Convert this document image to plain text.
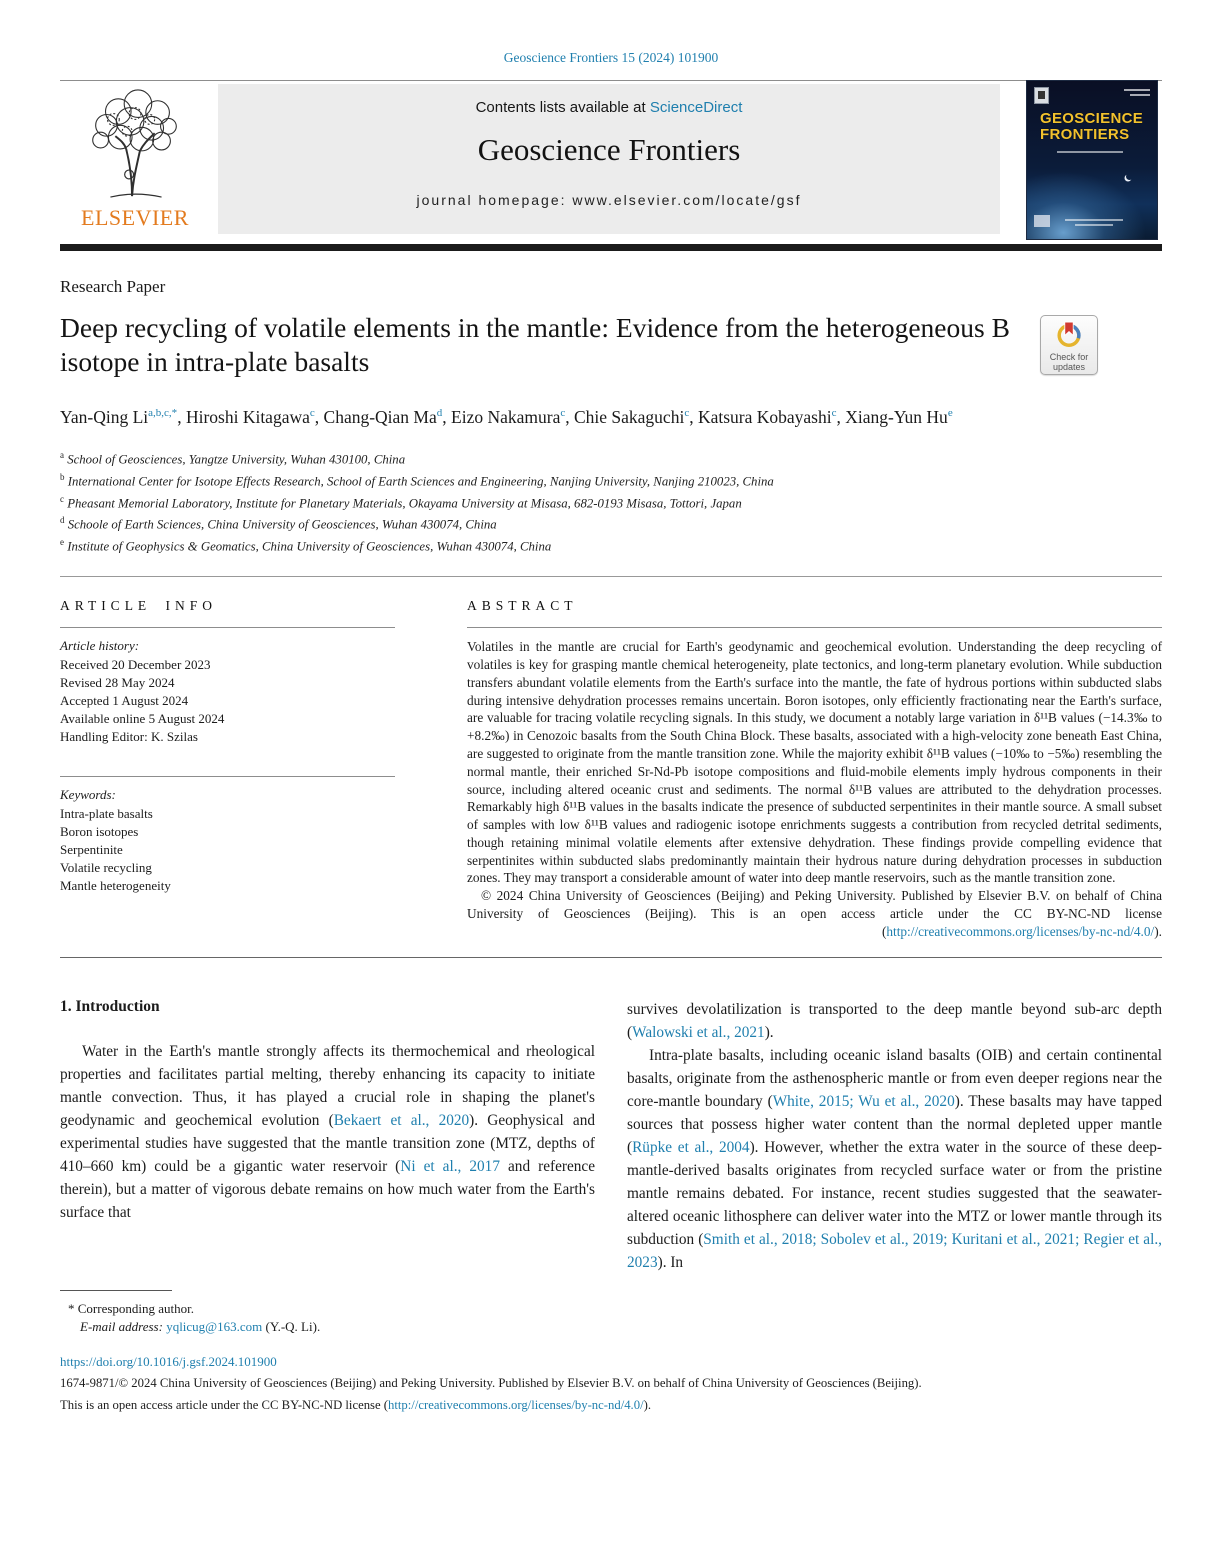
Geoscience Frontiers 15 (2024) 101900
ELSEVIER
Contents lists available at ScienceDirect
Geoscience Frontiers
journal homepage: www.elsevier.com/locate/gsf
GEOSCIENCE
FRONTIERS
Research Paper
Deep recycling of volatile elements in the mantle: Evidence from the heterogeneous B isotope in intra-plate basalts	Check for
updates
Yan-Qing $Li^{a,b,c,*}$, Hiroshi Kitagawa$^c$, Chang-Qian Ma$^d$, Eizo Nakamura$^c$, Chie Sakaguchi$^c$, Katsura Kobayashi$^c$, Xiang-Yun Hu$^e$
$^a$ School of Geosciences, Yangtze University, Wuhan 430100, China
$^b$ International Center for Isotope Effects Research, School of Earth Sciences and Engineering, Nanjing University, Nanjing 210023, China
$^c$ Pheasant Memorial Laboratory, Institute for Planetary Materials, Okayama University at Misasa, 682-0193 Misasa, Tottori, Japan
$^d$ Schoole of Earth Sciences, China University of Geosciences, Wuhan 430074, China
$^e$ Institute of Geophysics & Geomatics, China University of Geosciences, Wuhan 430074, China
ARTICLE INFO
Article history:
Received 20 December 2023
Revised 28 May 2024
Accepted 1 August 2024
Available online 5 August 2024
Handling Editor: K. Szilas
Keywords:
Intra-plate basalts
Boron isotopes
Serpentinite
Volatile recycling
Mantle heterogeneity
ABSTRACT
Volatiles in the mantle are crucial for Earth's geodynamic and geochemical evolution. Understanding the deep recycling of volatiles is key for grasping mantle chemical heterogeneity, plate tectonics, and long-term planetary evolution. While subduction transfers abundant volatile elements from the Earth's surface into the mantle, the fate of hydrous portions within subducted slabs during intensive dehydration processes remains uncertain. Boron isotopes, only efficiently fractionating near the Earth's surface, are valuable for tracing volatile recycling signals. In this study, we document a notably large variation in δ¹¹B values (−14.3‰ to +8.2‰) in Cenozoic basalts from the South China Block. These basalts, associated with a high-velocity zone beneath East China, are suggested to originate from the mantle transition zone. While the majority exhibit δ¹¹B values (−10‰ to −5‰) resembling the normal mantle, their enriched Sr-Nd-Pb isotope compositions and fluid-mobile elements imply hydrous components in their source, including altered oceanic crust and sediments. The normal δ¹¹B values are attributed to the dehydration processes. Remarkably high δ¹¹B values in the basalts indicate the presence of subducted serpentinites in their mantle source. A small subset of samples with low δ¹¹B values and radiogenic isotope enrichments suggests a contribution from recycled detrital sediments, though retaining minimal volatile elements after extensive dehydration. These findings provide compelling evidence that serpentinites within subducted slabs predominantly maintain their hydrous nature during dehydration processes in subduction zones. They may transport a considerable amount of water into deep mantle reservoirs, such as the mantle transition zone.
© 2024 China University of Geosciences (Beijing) and Peking University. Published by Elsevier B.V. on behalf of China University of Geosciences (Beijing). This is an open access article under the CC BY-NC-ND license (http://creativecommons.org/licenses/by-nc-nd/4.0/).
1. Introduction

Water in the Earth's mantle strongly affects its thermochemical and rheological properties and facilitates partial melting, thereby enhancing its capacity to initiate mantle convection. Thus, it has played a crucial role in shaping the planet's geodynamic and geochemical evolution (Bekaert et al., 2020). Geophysical and experimental studies have suggested that the mantle transition zone (MTZ, depths of 410–660 km) could be a gigantic water reservoir (Ni et al., 2017 and reference therein), but a matter of vigorous debate remains on how much water from the Earth's surface that

* Corresponding author.
E-mail address: yqlicug@163.com (Y.-Q. Li).

survives devolatilization is transported to the deep mantle beyond sub-arc depth (Walowski et al., 2021).

Intra-plate basalts, including oceanic island basalts (OIB) and certain continental basalts, originate from the asthenospheric mantle or from even deeper regions near the core-mantle boundary (White, 2015; Wu et al., 2020). These basalts may have tapped sources that possess higher water content than the normal depleted upper mantle (Rüpke et al., 2004). However, whether the extra water in the source of these deep-mantle-derived basalts originates from recycled surface water or from the pristine mantle remains debated. For instance, recent studies suggested that the seawater-altered oceanic lithosphere can deliver water into the MTZ or lower mantle through its subduction (Smith et al., 2018; Sobolev et al., 2019; Kuritani et al., 2021; Regier et al., 2023). In

https://doi.org/10.1016/j.gsf.2024.101900
1674-9871/© 2024 China University of Geosciences (Beijing) and Peking University. Published by Elsevier B.V. on behalf of China University of Geosciences (Beijing).
This is an open access article under the CC BY-NC-ND license (http://creativecommons.org/licenses/by-nc-nd/4.0/).
